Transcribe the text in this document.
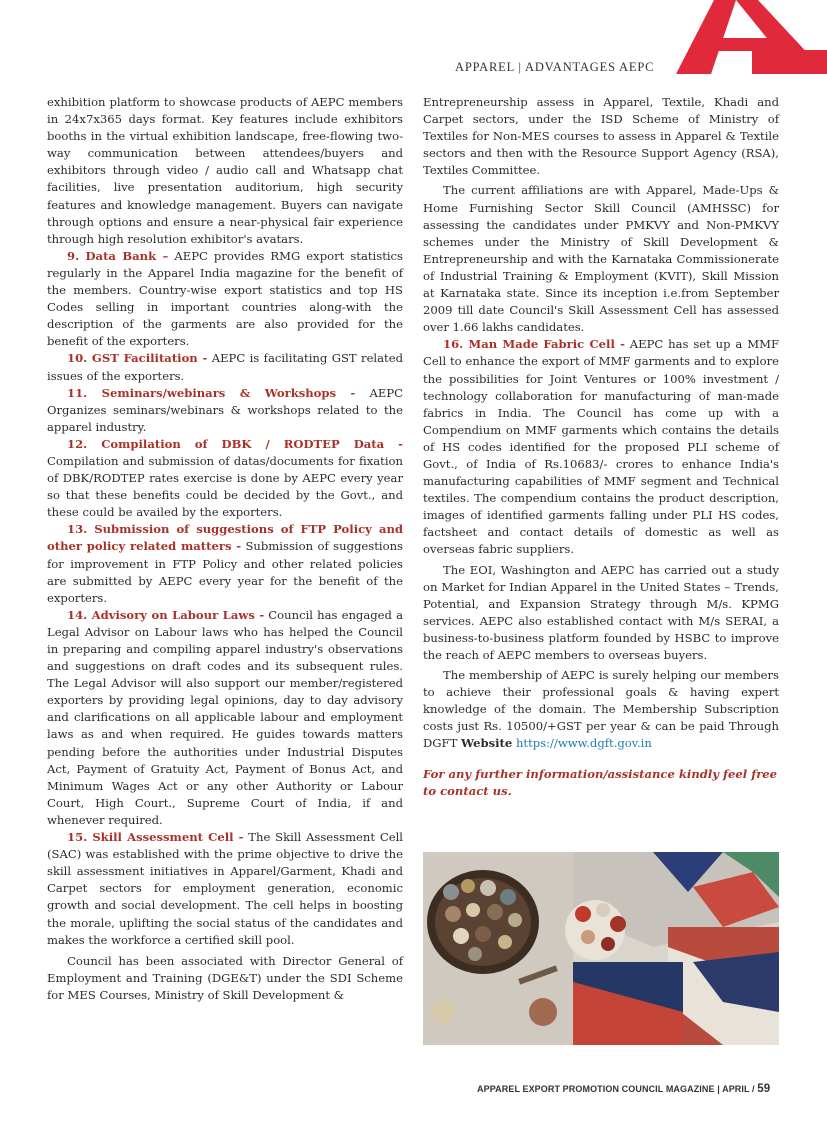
APPAREL | ADVANTAGES AEPC

exhibition platform to showcase products of AEPC members in 24x7x365 days format. Key features include exhibitors booths in the virtual exhibition landscape, free-flowing two-way communication between attendees/buyers and exhibitors through video / audio call and Whatsapp chat facilities, live presentation auditorium, high security features and knowledge management. Buyers can navigate through options and ensure a near-physical fair experience through high resolution exhibitor's avatars.

9. Data Bank – AEPC provides RMG export statistics regularly in the Apparel India magazine for the benefit of the members. Country-wise export statistics and top HS Codes selling in important countries along-with the description of the garments are also provided for the benefit of the exporters.

10. GST Facilitation - AEPC is facilitating GST related issues of the exporters.

11. Seminars/webinars & Workshops - AEPC Organizes seminars/webinars & workshops related to the apparel industry.

12. Compilation of DBK / RODTEP Data -Compilation and submission of datas/documents for fixation of DBK/RODTEP rates exercise is done by AEPC every year so that these benefits could be decided by the Govt., and these could be availed by the exporters.

13. Submission of suggestions of FTP Policy and other policy related matters - Submission of suggestions for improvement in FTP Policy and other related policies are submitted by AEPC every year for the benefit of the exporters.

14. Advisory on Labour Laws - Council has engaged a Legal Advisor on Labour laws who has helped the Council in preparing and compiling apparel industry's observations and suggestions on draft codes and its subsequent rules. The Legal Advisor will also support our member/registered exporters by providing legal opinions, day to day advisory and clarifications on all applicable labour and employment laws as and when required. He guides towards matters pending before the authorities under Industrial Disputes Act, Payment of Gratuity Act, Payment of Bonus Act, and Minimum Wages Act or any other Authority or Labour Court, High Court., Supreme Court of India, if and whenever required.

15. Skill Assessment Cell - The Skill Assessment Cell (SAC) was established with the prime objective to drive the skill assessment initiatives in Apparel/Garment, Khadi and Carpet sectors for employment generation, economic growth and social development. The cell helps in boosting the morale, uplifting the social status of the candidates and makes the workforce a certified skill pool.

Council has been associated with Director General of Employment and Training (DGE&T) under the SDI Scheme for MES Courses, Ministry of Skill Development &

Entrepreneurship assess in Apparel, Textile, Khadi and Carpet sectors, under the ISD Scheme of Ministry of Textiles for Non-MES courses to assess in Apparel & Textile sectors and then with the Resource Support Agency (RSA), Textiles Committee.

The current affiliations are with Apparel, Made-Ups & Home Furnishing Sector Skill Council (AMHSSC) for assessing the candidates under PMKVY and Non-PMKVY schemes under the Ministry of Skill Development & Entrepreneurship and with the Karnataka Commissionerate of Industrial Training & Employment (KVIT), Skill Mission at Karnataka state. Since its inception i.e.from September 2009 till date Council's Skill Assessment Cell has assessed over 1.66 lakhs candidates.

16. Man Made Fabric Cell - AEPC has set up a MMF Cell to enhance the export of MMF garments and to explore the possibilities for Joint Ventures or 100% investment / technology collaboration for manufacturing of man-made fabrics in India. The Council has come up with a Compendium on MMF garments which contains the details of HS codes identified for the proposed PLI scheme of Govt., of India of Rs.10683/- crores to enhance India's manufacturing capabilities of MMF segment and Technical textiles. The compendium contains the product description, images of identified garments falling under PLI HS codes, factsheet and contact details of domestic as well as overseas fabric suppliers.

The EOI, Washington and AEPC has carried out a study on Market for Indian Apparel in the United States – Trends, Potential, and Expansion Strategy through M/s. KPMG services. AEPC also established contact with M/s SERAI, a business-to-business platform founded by HSBC to improve the reach of AEPC members to overseas buyers.

The membership of AEPC is surely helping our members to achieve their professional goals & having expert knowledge of the domain. The Membership Subscription costs just Rs. 10500/+GST per year & can be paid Through DGFT Website https://www.dgft.gov.in

For any further information/assistance kindly feel free to contact us.

APPAREL EXPORT PROMOTION COUNCIL MAGAZINE | APRIL / 59
